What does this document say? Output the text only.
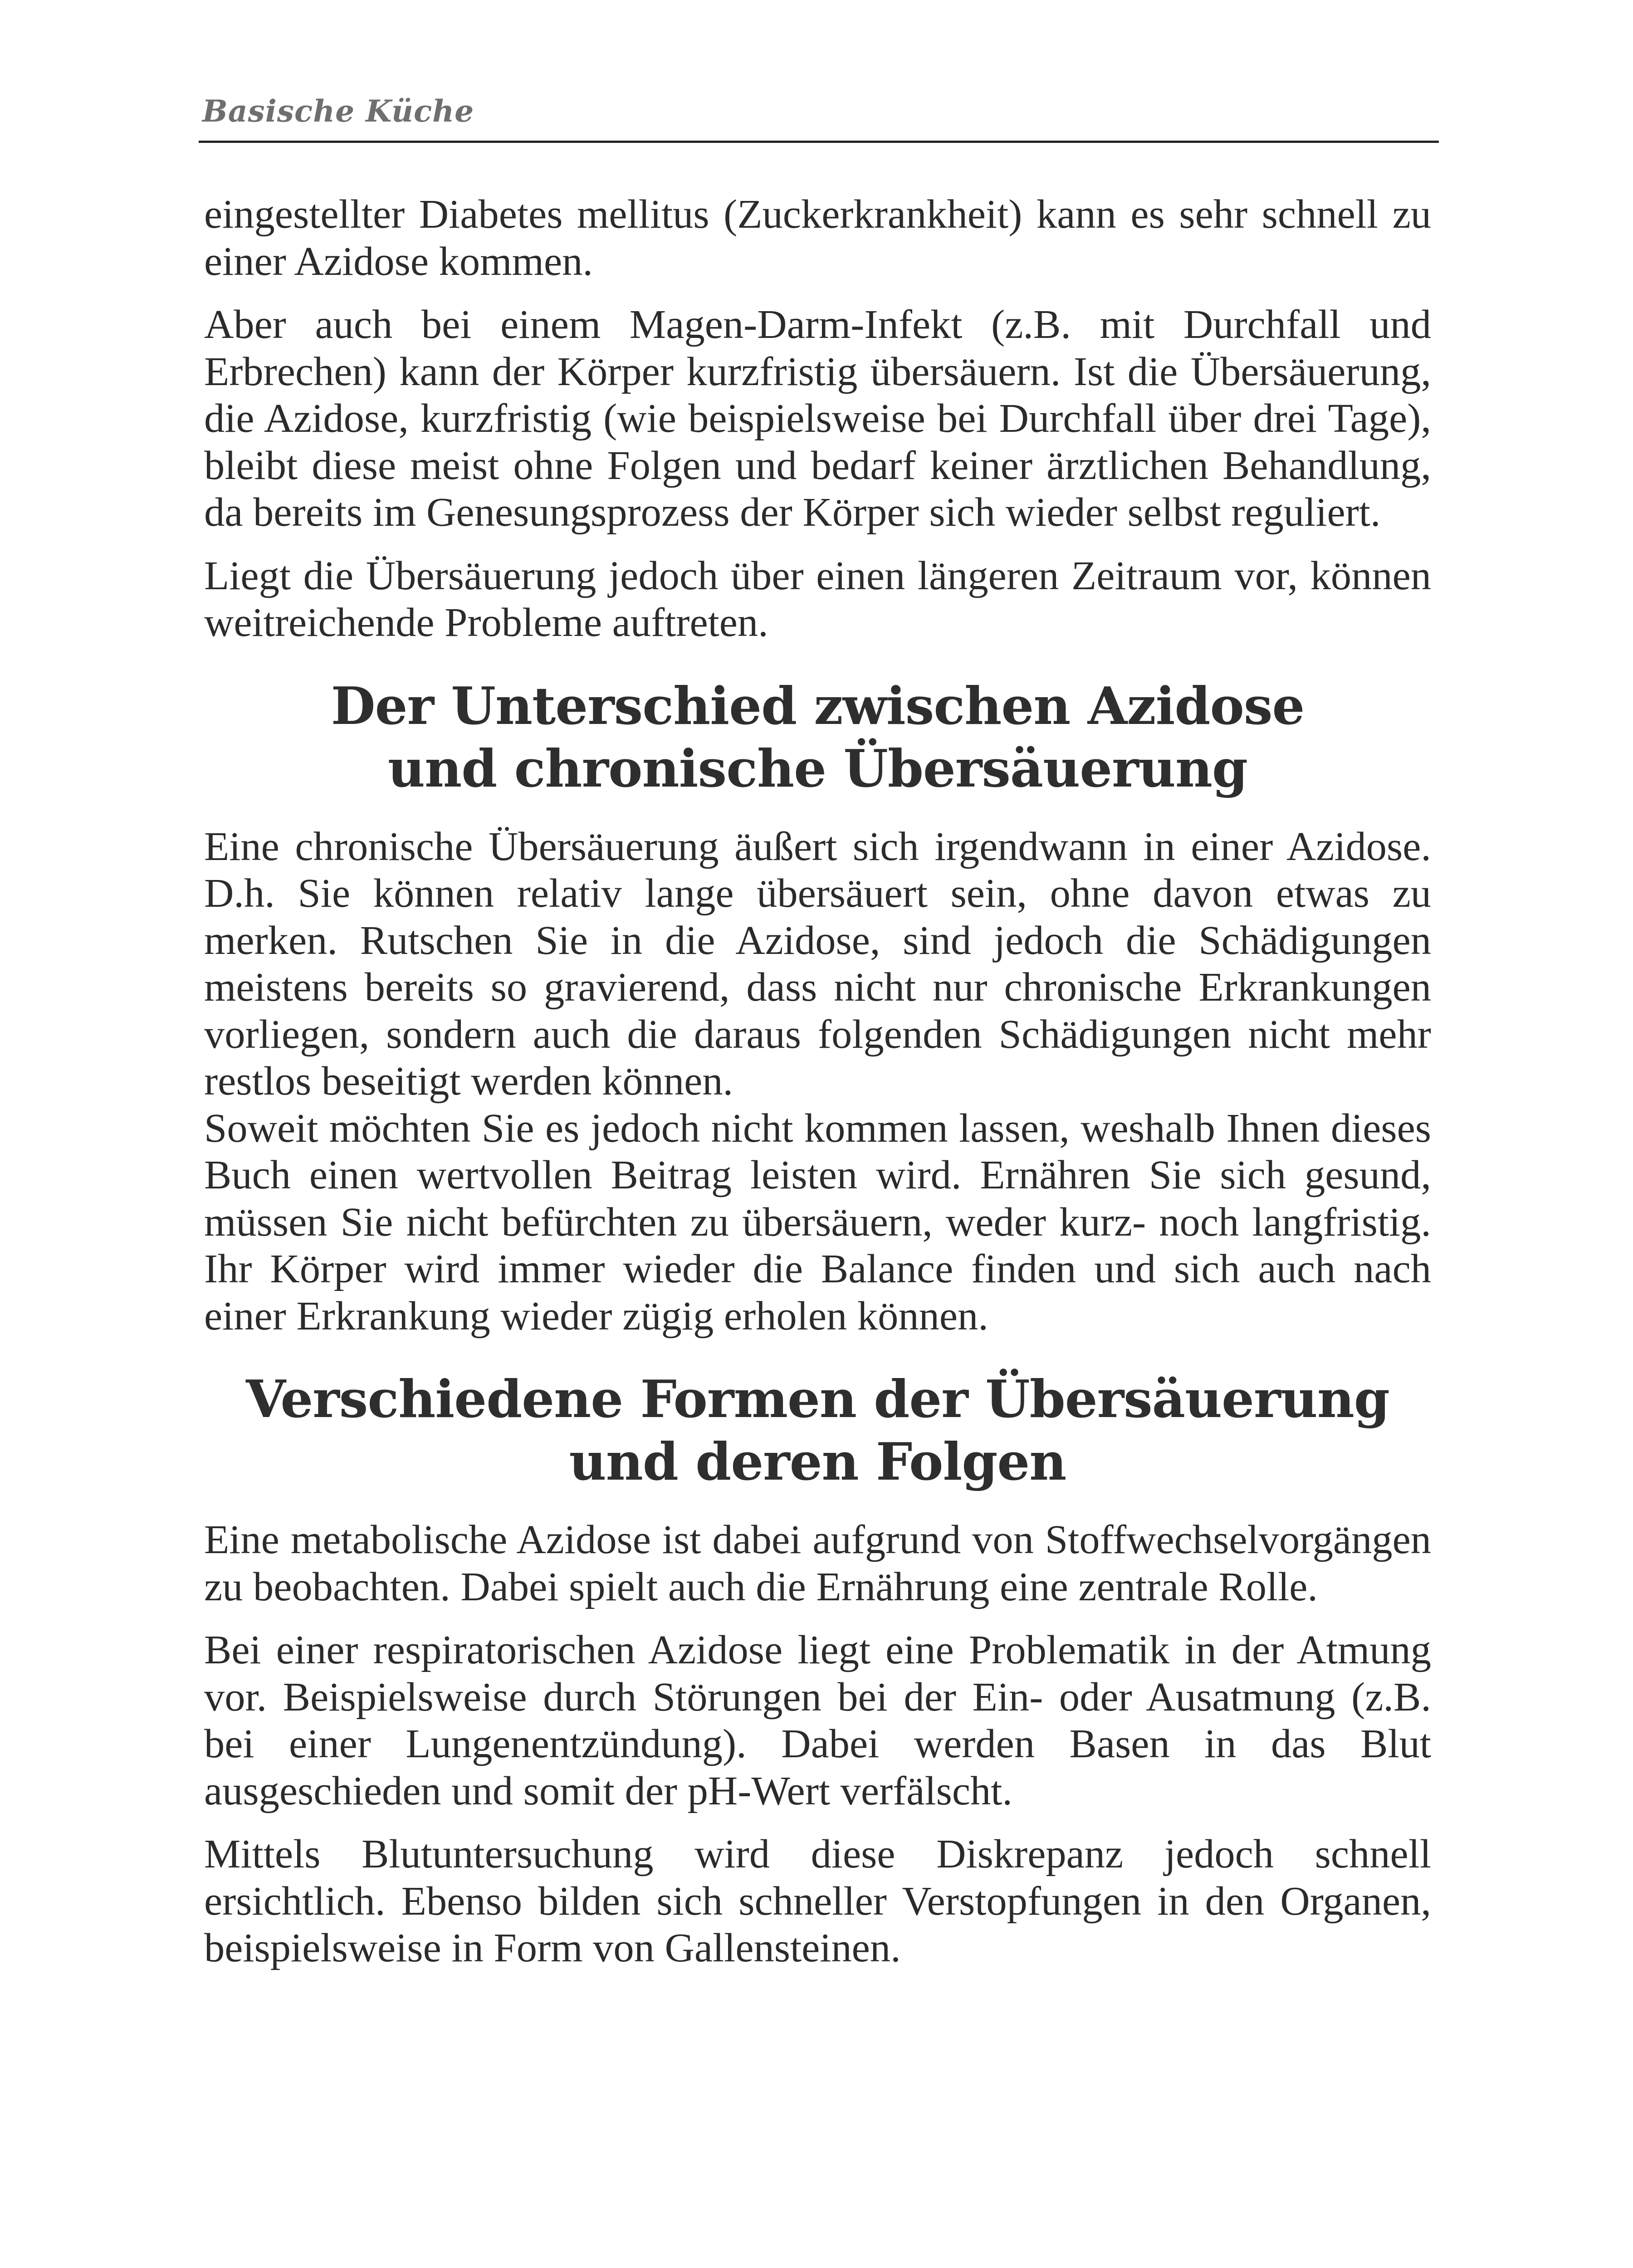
Basische Küche

eingestellter Diabetes mellitus (Zuckerkrankheit) kann es sehr schnell zu einer Azidose kommen.

Aber auch bei einem Magen-Darm-Infekt (z.B. mit Durchfall und Erbrechen) kann der Körper kurzfristig übersäuern. Ist die Übersäuerung, die Azidose, kurzfristig (wie beispielsweise bei Durchfall über drei Tage), bleibt diese meist ohne Folgen und bedarf keiner ärztlichen Behandlung, da bereits im Genesungsprozess der Körper sich wieder selbst reguliert.

Liegt die Übersäuerung jedoch über einen längeren Zeitraum vor, können weitreichende Probleme auftreten.

Der Unterschied zwischen Azidose
und chronische Übersäuerung

Eine chronische Übersäuerung äußert sich irgendwann in einer Azidose. D.h. Sie können relativ lange übersäuert sein, ohne davon etwas zu merken. Rutschen Sie in die Azidose, sind jedoch die Schädigungen meistens bereits so gravierend, dass nicht nur chronische Erkrankungen vorliegen, sondern auch die daraus folgenden Schädigungen nicht mehr restlos beseitigt werden können.

Soweit möchten Sie es jedoch nicht kommen lassen, weshalb Ihnen dieses Buch einen wertvollen Beitrag leisten wird. Ernähren Sie sich gesund, müssen Sie nicht befürchten zu übersäuern, weder kurz- noch langfristig. Ihr Körper wird immer wieder die Balance finden und sich auch nach einer Erkrankung wieder zügig erholen können.

Verschiedene Formen der Übersäuerung
und deren Folgen

Eine metabolische Azidose ist dabei aufgrund von Stoffwechselvorgängen zu beobachten. Dabei spielt auch die Ernährung eine zentrale Rolle.

Bei einer respiratorischen Azidose liegt eine Problematik in der Atmung vor. Beispielsweise durch Störungen bei der Ein- oder Ausatmung (z.B. bei einer Lungenentzündung). Dabei werden Basen in das Blut ausgeschieden und somit der pH-Wert verfälscht.

Mittels Blutuntersuchung wird diese Diskrepanz jedoch schnell ersichtlich. Ebenso bilden sich schneller Verstopfungen in den Organen, beispielsweise in Form von Gallensteinen.
